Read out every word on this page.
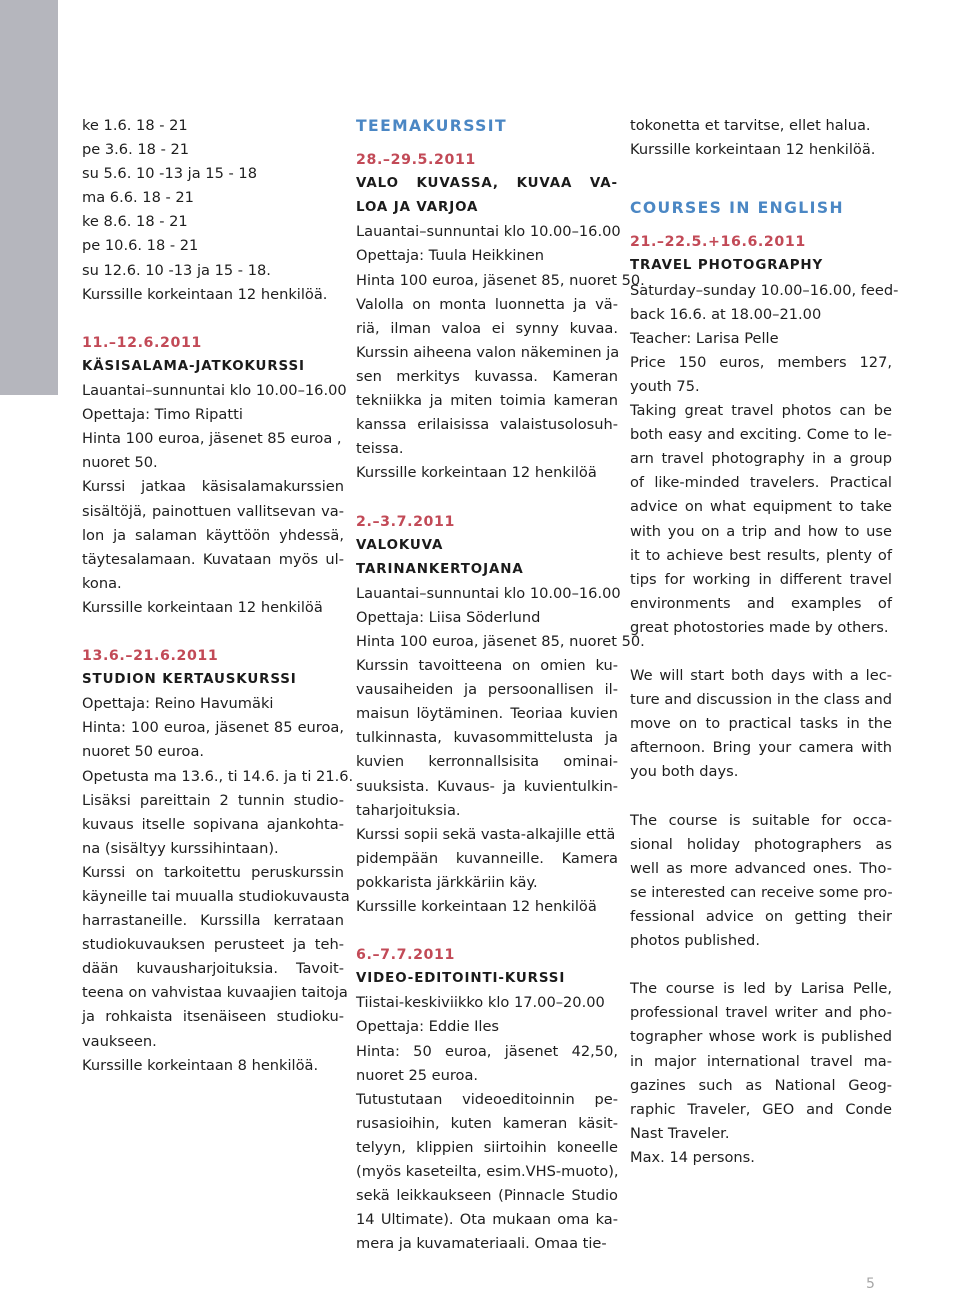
ke 1.6. 18 - 21
pe 3.6. 18 - 21
su 5.6. 10 -13 ja 15 - 18
ma 6.6. 18 - 21
ke 8.6. 18 - 21
pe 10.6. 18 - 21
su 12.6. 10 -13 ja 15 - 18.
Kurssille korkeintaan 12 henkilöä.
11.–12.6.2011
KÄSISALAMA-JATKOKURSSI
Lauantai–sunnuntai klo 10.00–16.00
Opettaja: Timo Ripatti
Hinta 100 euroa, jäsenet 85 euroa ,
nuoret 50.
Kurssi jatkaa käsisalamakurssien
sisältöjä, painottuen vallitsevan va-
lon ja salaman käyttöön yhdessä,
täytesalamaan. Kuvataan myös ul-
kona.
Kurssille korkeintaan 12 henkilöä
13.6.–21.6.2011
STUDION KERTAUSKURSSI
Opettaja: Reino Havumäki
Hinta: 100 euroa, jäsenet 85 euroa,
nuoret 50 euroa.
Opetusta ma 13.6., ti 14.6. ja ti 21.6.
Lisäksi pareittain 2 tunnin studio-
kuvaus itselle sopivana ajankohta-
na (sisältyy kurssihintaan).
Kurssi on tarkoitettu peruskurssin
käyneille tai muualla studiokuvausta
harrastaneille. Kurssilla kerrataan
studiokuvauksen perusteet ja teh-
dään kuvausharjoituksia. Tavoit-
teena on vahvistaa kuvaajien taitoja
ja rohkaista itsenäiseen studioku-
vaukseen.
Kurssille korkeintaan 8 henkilöä.
TEEMAKURSSIT
28.–29.5.2011
VALO KUVASSA, KUVAA VA-
LOA JA VARJOA
Lauantai–sunnuntai klo 10.00–16.00
Opettaja: Tuula Heikkinen
Hinta 100 euroa, jäsenet 85, nuoret 50.
Valolla on monta luonnetta ja vä-
riä, ilman valoa ei synny kuvaa.
Kurssin aiheena valon näkeminen ja
sen merkitys kuvassa. Kameran
tekniikka ja miten toimia kameran
kanssa erilaisissa valaistusolosuh-
teissa.
Kurssille korkeintaan 12 henkilöä
2.–3.7.2011
VALOKUVA
TARINANKERTOJANA
Lauantai–sunnuntai klo 10.00–16.00
Opettaja: Liisa Söderlund
Hinta 100 euroa, jäsenet 85, nuoret 50.
Kurssin tavoitteena on omien ku-
vausaiheiden ja persoonallisen il-
maisun löytäminen. Teoriaa kuvien
tulkinnasta, kuvasommittelusta ja
kuvien kerronnallsisita ominai-
suuksista. Kuvaus- ja kuvientulkin-
taharjoituksia.
Kurssi sopii sekä vasta-alkajille että
pidempään kuvanneille. Kamera
pokkarista järkkäriin käy.
Kurssille korkeintaan 12 henkilöä
6.–7.7.2011
VIDEO-EDITOINTI-KURSSI
Tiistai-keskiviikko klo 17.00–20.00
Opettaja: Eddie Iles
Hinta: 50 euroa, jäsenet 42,50,
nuoret 25 euroa.
Tutustutaan videoeditoinnin pe-
rusasioihin, kuten kameran käsit-
telyyn, klippien siirtoihin koneelle
(myös kaseteilta, esim.VHS-muoto),
sekä leikkaukseen (Pinnacle Studio
14 Ultimate). Ota mukaan oma ka-
mera ja kuvamateriaali. Omaa tie-
tokonetta et tarvitse, ellet halua.
Kurssille korkeintaan 12 henkilöä.
COURSES IN ENGLISH
21.–22.5.+16.6.2011
TRAVEL PHOTOGRAPHY
Saturday–sunday 10.00–16.00, feed-
back 16.6. at 18.00–21.00
Teacher: Larisa Pelle
Price 150 euros, members 127,
youth 75.
Taking great travel photos can be
both easy and exciting. Come to le-
arn travel photography in a group
of like-minded travelers. Practical
advice on what equipment to take
with you on a trip and how to use
it to achieve best results, plenty of
tips for working in different travel
environments and examples of
great photostories made by others.
We will start both days with a lec-
ture and discussion in the class and
move on to practical tasks in the
afternoon. Bring your camera with
you both days.
The course is suitable for occa-
sional holiday photographers as
well as more advanced ones. Tho-
se interested can receive some pro-
fessional advice on getting their
photos published.
The course is led by Larisa Pelle,
professional travel writer and pho-
tographer whose work is published
in major international travel ma-
gazines such as National Geog-
raphic Traveler, GEO and Conde
Nast Traveler.
Max. 14 persons.
5
